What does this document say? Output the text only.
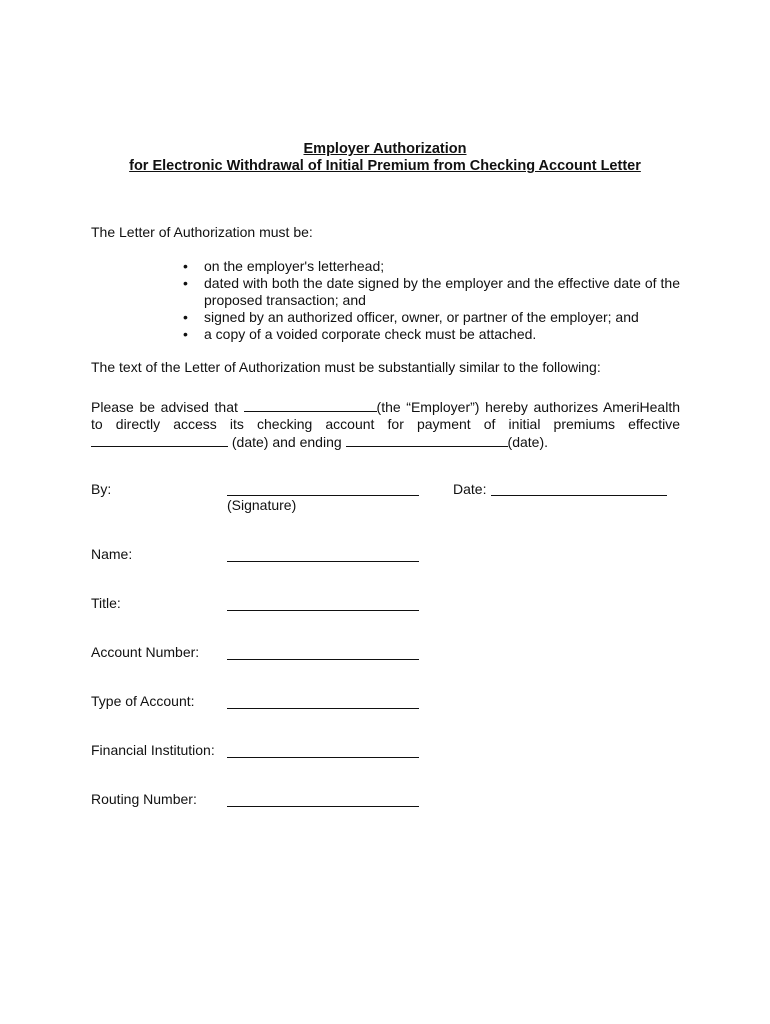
Employer Authorization
for Electronic Withdrawal of Initial Premium from Checking Account Letter
The Letter of Authorization must be:
• on the employer's letterhead;
• dated with both the date signed by the employer and the effective date of the proposed transaction; and
• signed by an authorized officer, owner, or partner of the employer; and
• a copy of a voided corporate check must be attached.
The text of the Letter of Authorization must be substantially similar to the following:
Please be advised that	(the “Employer”) hereby authorizes AmeriHealth to directly access its checking account for payment of initial premiums effective (date) and ending	(date).
By:
(Signature)
Date:
Name:
Title:
Account Number:
Type of Account:
Financial Institution:
Routing Number:
